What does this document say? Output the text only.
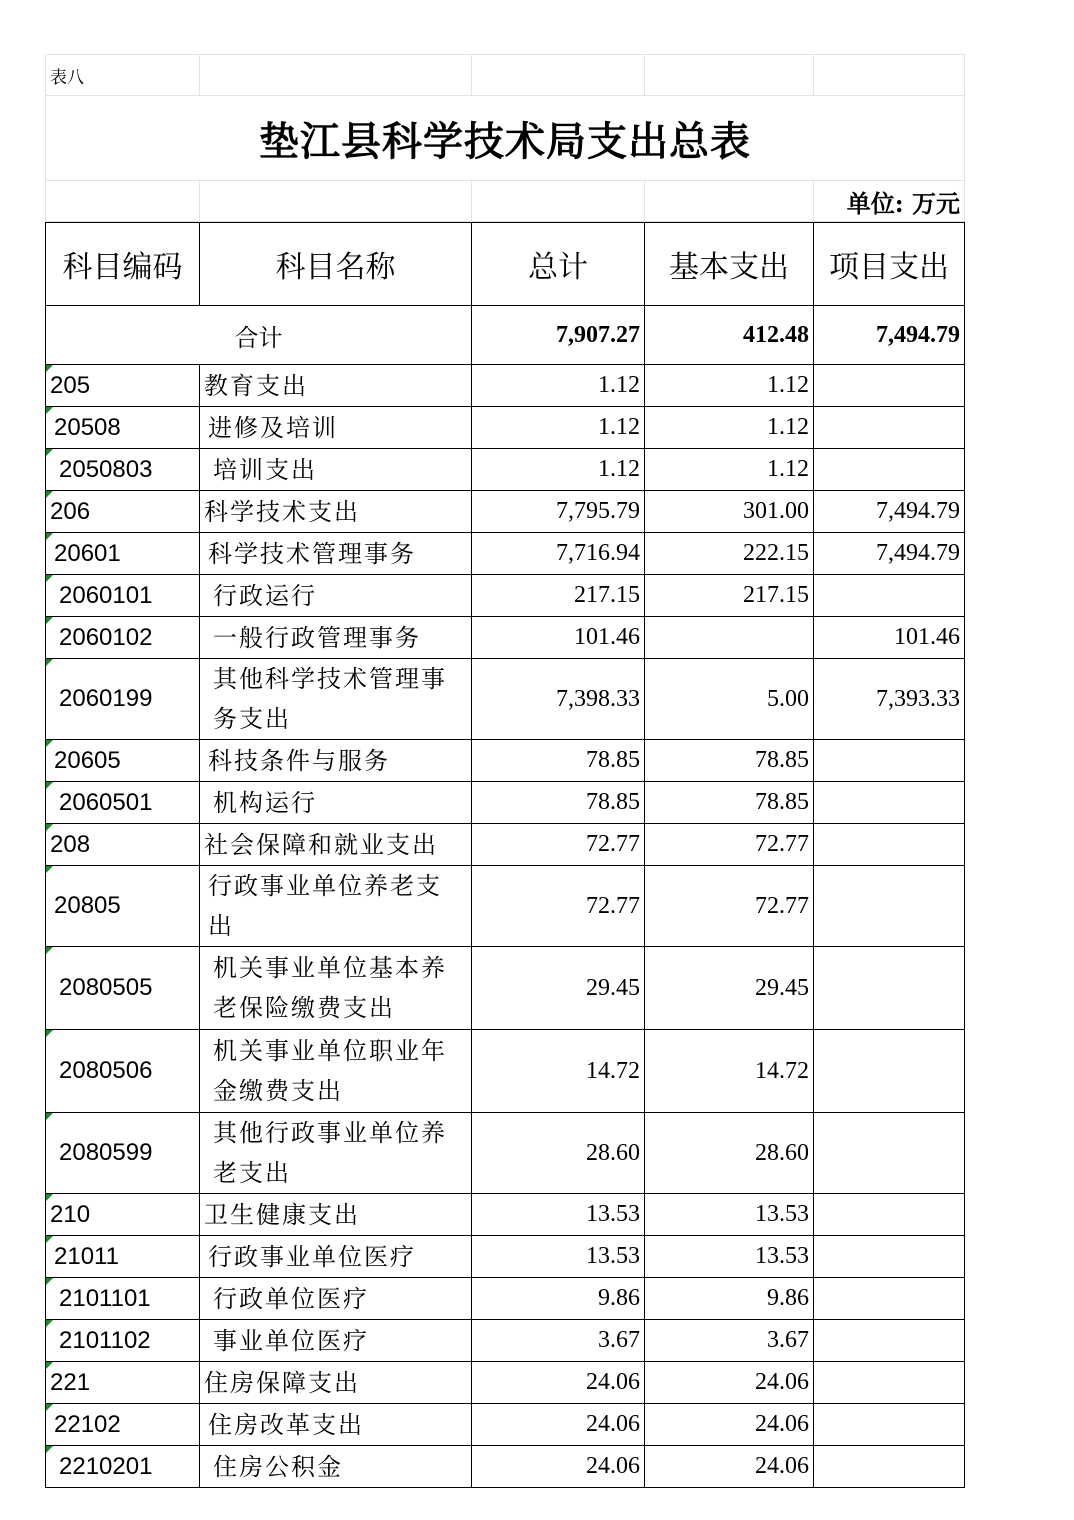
表八				
垫江县科学技术局支出总表				
				单位: 万元
科目编码	科目名称	总计	基本支出	项目支出
合计		7,907.27	412.48	7,494.79
205	教育支出	1.12	1.12	
20508	进修及培训	1.12	1.12	
2050803	培训支出	1.12	1.12	
206	科学技术支出	7,795.79	301.00	7,494.79
20601	科学技术管理事务	7,716.94	222.15	7,494.79
2060101	行政运行	217.15	217.15	
2060102	一般行政管理事务	101.46		101.46
2060199	其他科学技术管理事务支出	7,398.33	5.00	7,393.33
20605	科技条件与服务	78.85	78.85	
2060501	机构运行	78.85	78.85	
208	社会保障和就业支出	72.77	72.77	
20805	行政事业单位养老支出	72.77	72.77	
2080505	机关事业单位基本养老保险缴费支出	29.45	29.45	
2080506	机关事业单位职业年金缴费支出	14.72	14.72	
2080599	其他行政事业单位养老支出	28.60	28.60	
210	卫生健康支出	13.53	13.53	
21011	行政事业单位医疗	13.53	13.53	
2101101	行政单位医疗	9.86	9.86	
2101102	事业单位医疗	3.67	3.67	
221	住房保障支出	24.06	24.06	
22102	住房改革支出	24.06	24.06	
2210201	住房公积金	24.06	24.06	
